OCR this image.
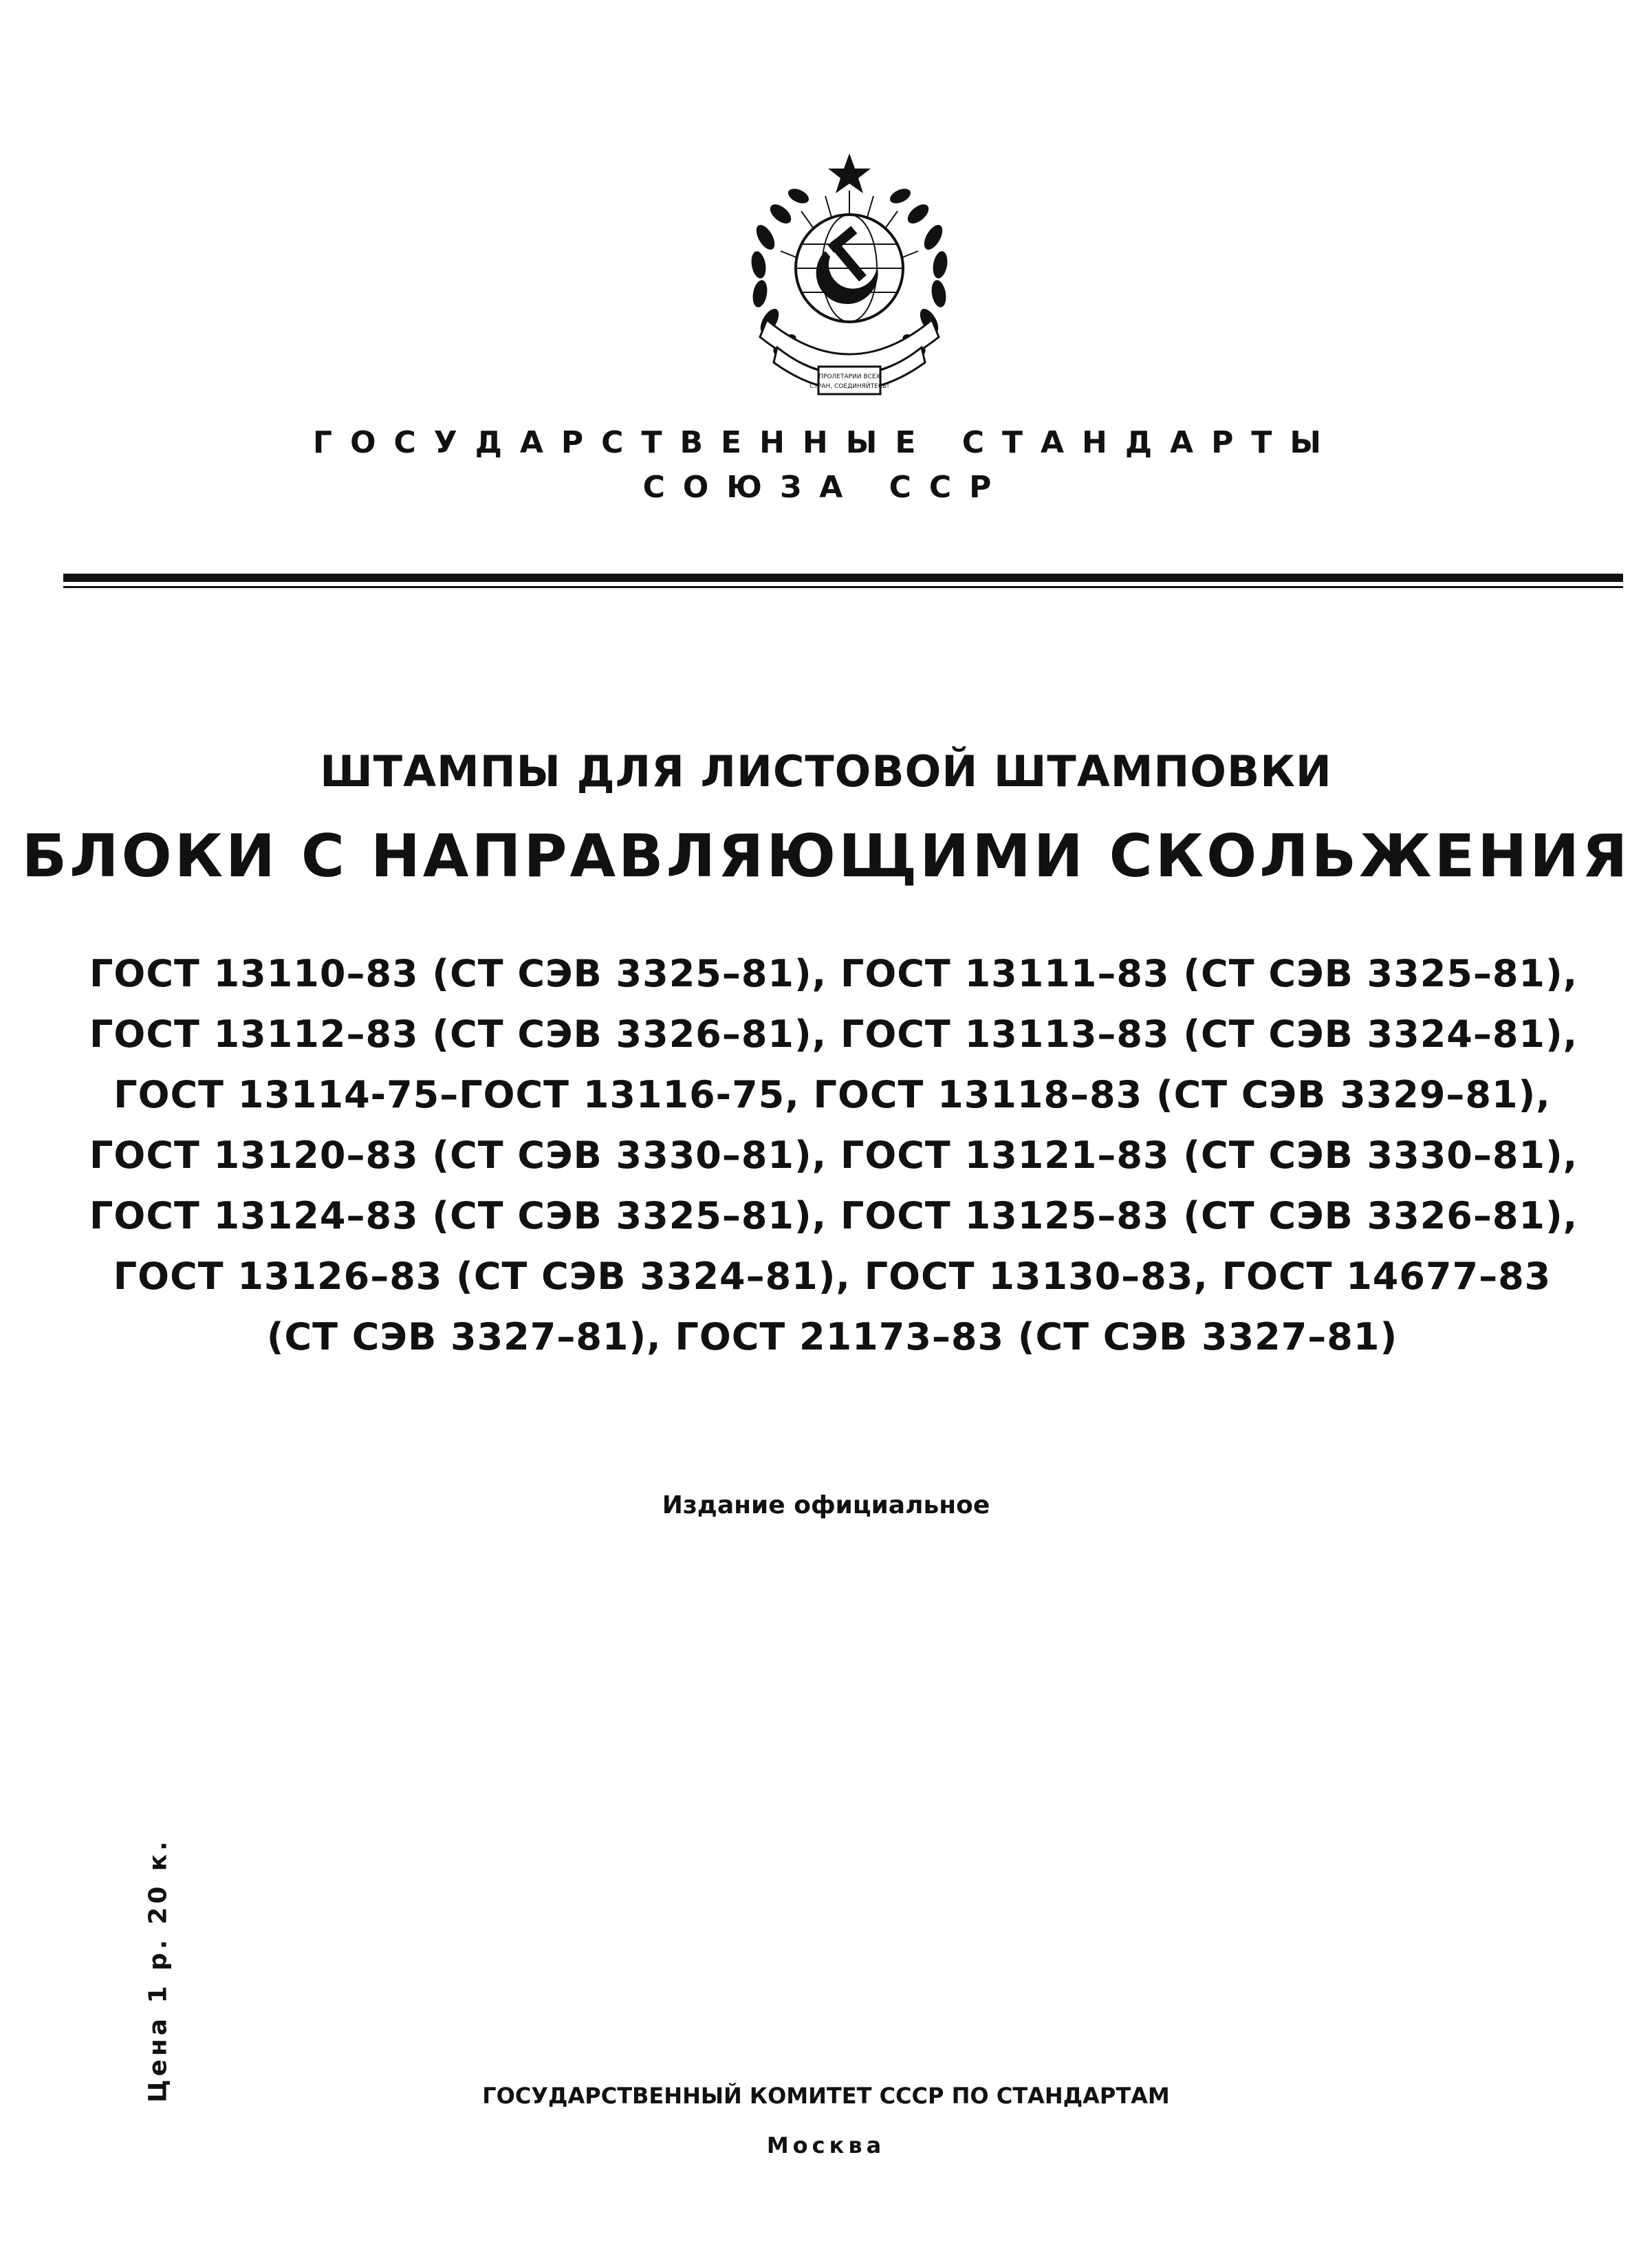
ПРОЛЕТАРИИ ВСЕХ
СТРАН, СОЕДИНЯЙТЕСЬ!
ГОСУДАРСТВЕННЫЕ СТАНДАРТЫ
СОЮЗА ССР
ШТАМПЫ ДЛЯ ЛИСТОВОЙ ШТАМПОВКИ
БЛОКИ С НАПРАВЛЯЮЩИМИ СКОЛЬЖЕНИЯ
ГОСТ 13110–83 (СТ СЭВ 3325–81), ГОСТ 13111–83 (СТ СЭВ 3325–81),
ГОСТ 13112–83 (СТ СЭВ 3326–81), ГОСТ 13113–83 (СТ СЭВ 3324–81),
ГОСТ 13114-75–ГОСТ 13116-75, ГОСТ 13118–83 (СТ СЭВ 3329–81),
ГОСТ 13120–83 (СТ СЭВ 3330–81), ГОСТ 13121–83 (СТ СЭВ 3330–81),
ГОСТ 13124–83 (СТ СЭВ 3325–81), ГОСТ 13125–83 (СТ СЭВ 3326–81),
ГОСТ 13126–83 (СТ СЭВ 3324–81), ГОСТ 13130–83, ГОСТ 14677–83
(СТ СЭВ 3327–81), ГОСТ 21173–83 (СТ СЭВ 3327–81)
Издание официальное
Цена 1 р. 20 к.	ГОСУДАРСТВЕННЫЙ КОМИТЕТ СССР ПО СТАНДАРТАМ
Москва
